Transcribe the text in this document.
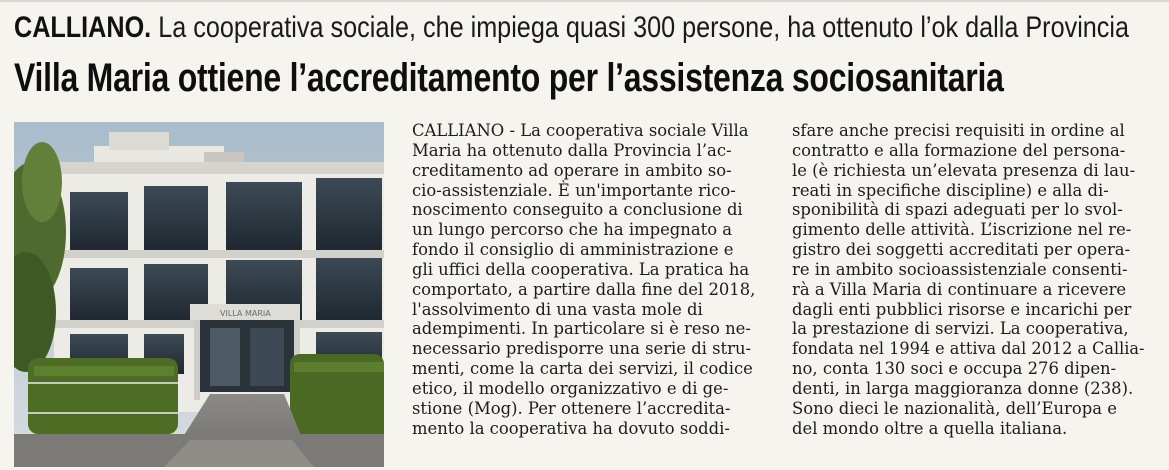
CALLIANO. La cooperativa sociale, che impiega quasi 300 persone, ha ottenuto l’ok dalla Provincia
Villa Maria ottiene l’accreditamento per l’assistenza sociosanitaria
VILLA MARIA
CALLIANO - La cooperativa sociale Villa
Maria ha ottenuto dalla Provincia l’ac-
creditamento ad operare in ambito so-
cio-assistenziale. È un'importante rico-
noscimento conseguito a conclusione di
un lungo percorso che ha impegnato a
fondo il consiglio di amministrazione e
gli uffici della cooperativa. La pratica ha
comportato, a partire dalla fine del 2018,
l'assolvimento di una vasta mole di
adempimenti. In particolare si è reso ne-
necessario predisporre una serie di stru-
menti, come la carta dei servizi, il codice
etico, il modello organizzativo e di ge-
stione (Mog). Per ottenere l’accredita-
mento la cooperativa ha dovuto soddi-
sfare anche precisi requisiti in ordine al
contratto e alla formazione del persona-
le (è richiesta un’elevata presenza di lau-
reati in specifiche discipline) e alla di-
sponibilità di spazi adeguati per lo svol-
gimento delle attività. L’iscrizione nel re-
gistro dei soggetti accreditati per opera-
re in ambito socioassistenziale consenti-
rà a Villa Maria di continuare a ricevere
dagli enti pubblici risorse e incarichi per
la prestazione di servizi. La cooperativa,
fondata nel 1994 e attiva dal 2012 a Callia-
no, conta 130 soci e occupa 276 dipen-
denti, in larga maggioranza donne (238).
Sono dieci le nazionalità, dell’Europa e
del mondo oltre a quella italiana.
